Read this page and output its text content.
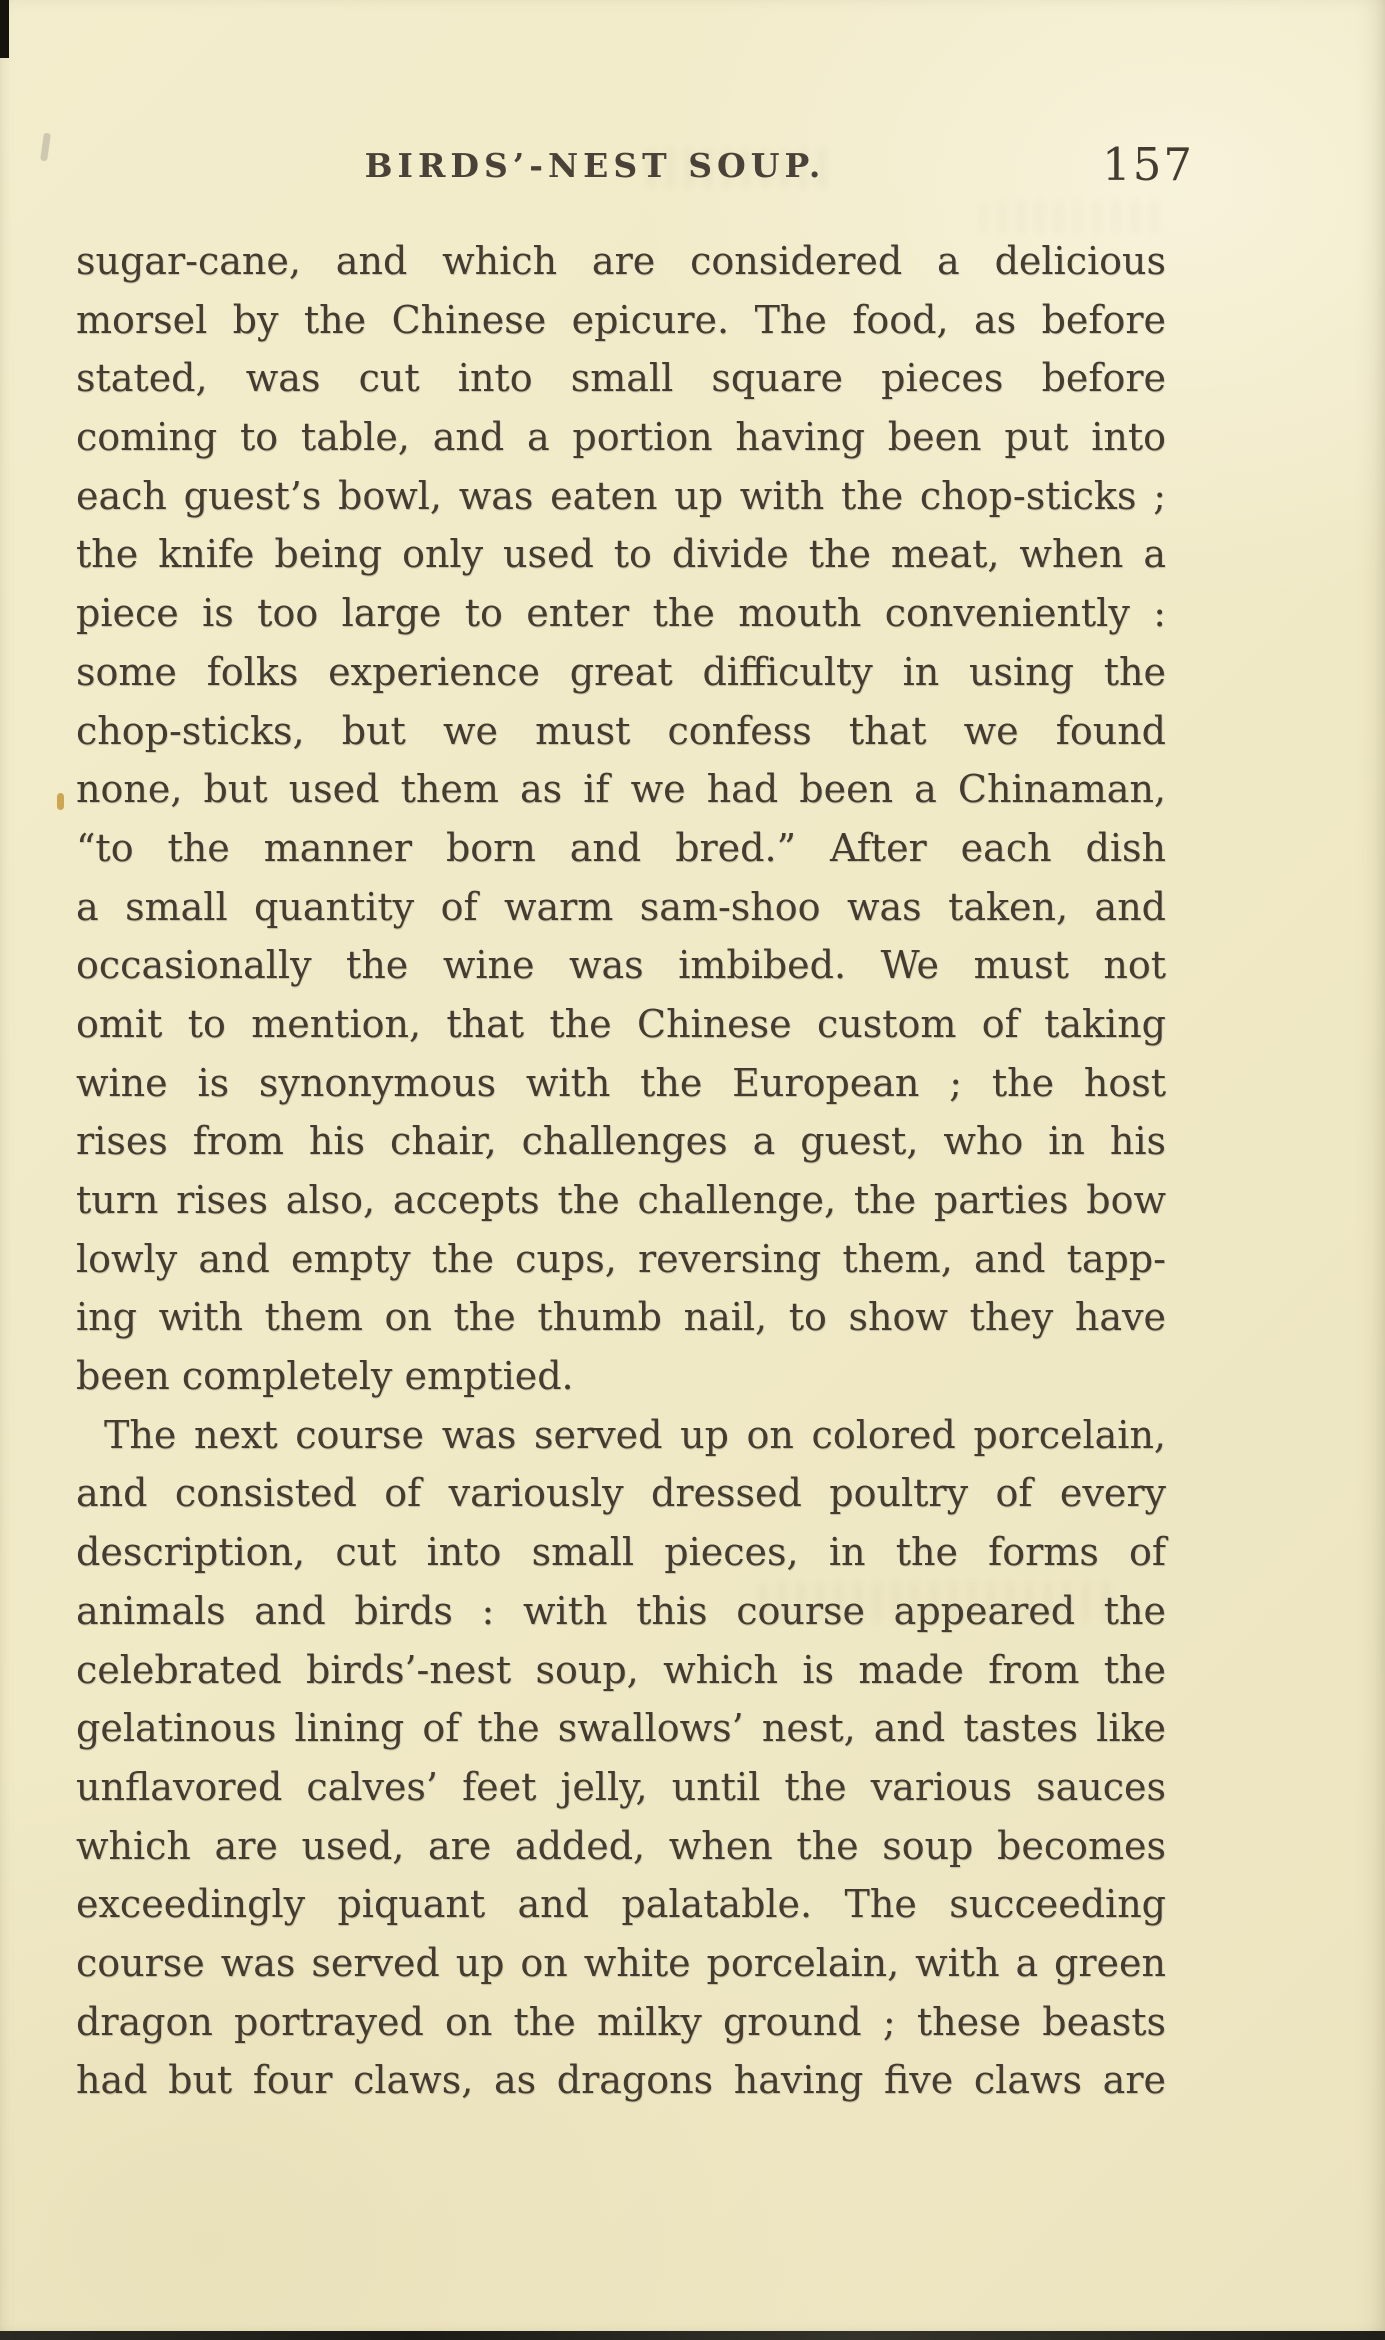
BIRDS’-NEST SOUP.	157
sugar-cane, and which are considered a delicious
morsel by the Chinese epicure. The food, as before
stated, was cut into small square pieces before
coming to table, and a portion having been put into
each guest’s bowl, was eaten up with the chop-sticks ;
the knife being only used to divide the meat, when a
piece is too large to enter the mouth conveniently :
some folks experience great difficulty in using the
chop-sticks, but we must confess that we found
none, but used them as if we had been a Chinaman,
“to the manner born and bred.” After each dish
a small quantity of warm sam-shoo was taken, and
occasionally the wine was imbibed. We must not
omit to mention, that the Chinese custom of taking
wine is synonymous with the European ; the host
rises from his chair, challenges a guest, who in his
turn rises also, accepts the challenge, the parties bow
lowly and empty the cups, reversing them, and tapp-
ing with them on the thumb nail, to show they have
been completely emptied.
The next course was served up on colored porcelain,
and consisted of variously dressed poultry of every
description, cut into small pieces, in the forms of
animals and birds : with this course appeared the
celebrated birds’-nest soup, which is made from the
gelatinous lining of the swallows’ nest, and tastes like
unflavored calves’ feet jelly, until the various sauces
which are used, are added, when the soup becomes
exceedingly piquant and palatable. The succeeding
course was served up on white porcelain, with a green
dragon portrayed on the milky ground ; these beasts
had but four claws, as dragons having five claws are
